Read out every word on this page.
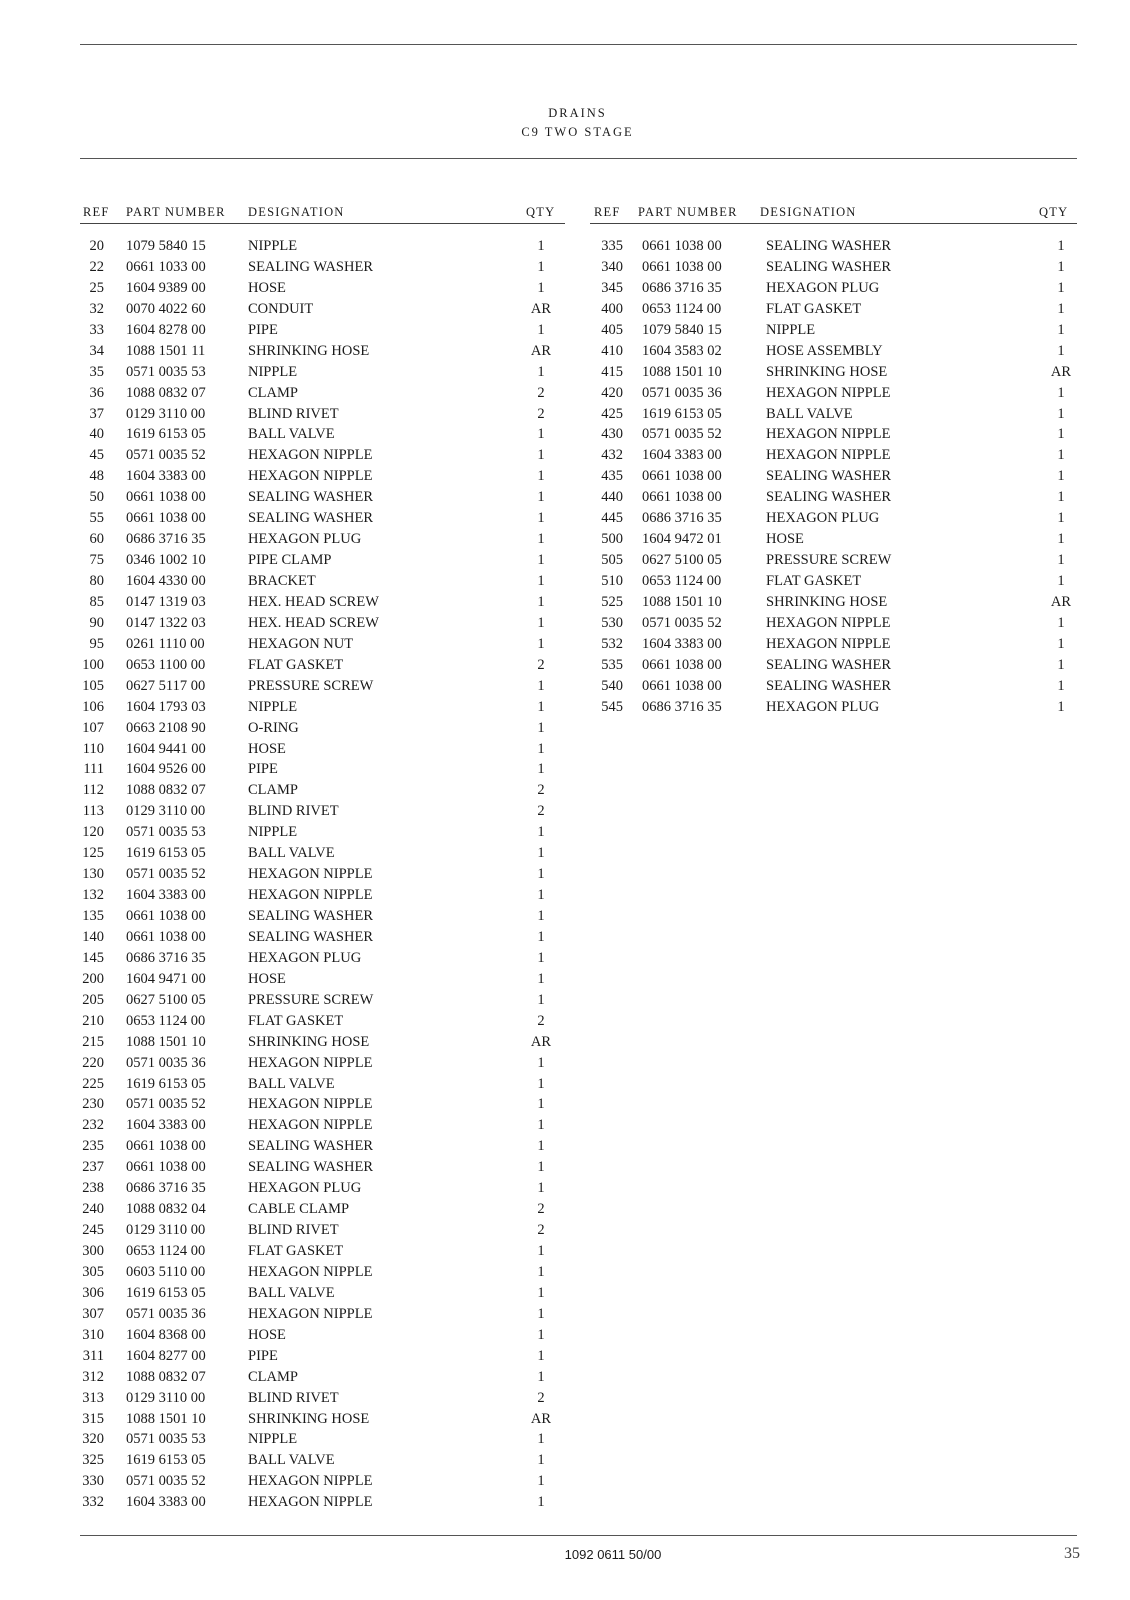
DRAINS
C9 TWO STAGE
REF PART NUMBER DESIGNATION	QTY
20 1079 5840 15	NIPPLE	1
22 0661 1033 00	SEALING WASHER	1
25 1604 9389 00	HOSE	1
32 0070 4022 60	CONDUIT	AR
33 1604 8278 00	PIPE	1
34 1088 1501 11	SHRINKING HOSE	AR
35 0571 0035 53	NIPPLE	1
36 1088 0832 07	CLAMP	2
37 0129 3110 00	BLIND RIVET	2
40 1619 6153 05	BALL VALVE	1
45 0571 0035 52	HEXAGON NIPPLE	1
48 1604 3383 00	HEXAGON NIPPLE	1
50 0661 1038 00	SEALING WASHER	1
55 0661 1038 00	SEALING WASHER	1
60 0686 3716 35	HEXAGON PLUG	1
75 0346 1002 10	PIPE CLAMP	1
80 1604 4330 00	BRACKET	1
85 0147 1319 03	HEX. HEAD SCREW	1
90 0147 1322 03	HEX. HEAD SCREW	1
95 0261 1110 00	HEXAGON NUT	1
100 0653 1100 00	FLAT GASKET	2
105 0627 5117 00	PRESSURE SCREW	1
106 1604 1793 03	NIPPLE	1
107 0663 2108 90	O-RING	1
110 1604 9441 00	HOSE	1
111 1604 9526 00	PIPE	1
112 1088 0832 07	CLAMP	2
113 0129 3110 00	BLIND RIVET	2
120 0571 0035 53	NIPPLE	1
125 1619 6153 05	BALL VALVE	1
130 0571 0035 52	HEXAGON NIPPLE	1
132 1604 3383 00	HEXAGON NIPPLE	1
135 0661 1038 00	SEALING WASHER	1
140 0661 1038 00	SEALING WASHER	1
145 0686 3716 35	HEXAGON PLUG	1
200 1604 9471 00	HOSE	1
205 0627 5100 05	PRESSURE SCREW	1
210 0653 1124 00	FLAT GASKET	2
215 1088 1501 10	SHRINKING HOSE	AR
220 0571 0035 36	HEXAGON NIPPLE	1
225 1619 6153 05	BALL VALVE	1
230 0571 0035 52	HEXAGON NIPPLE	1
232 1604 3383 00	HEXAGON NIPPLE	1
235 0661 1038 00	SEALING WASHER	1
237 0661 1038 00	SEALING WASHER	1
238 0686 3716 35	HEXAGON PLUG	1
240 1088 0832 04	CABLE CLAMP	2
245 0129 3110 00	BLIND RIVET	2
300 0653 1124 00	FLAT GASKET	1
305 0603 5110 00	HEXAGON NIPPLE	1
306 1619 6153 05	BALL VALVE	1
307 0571 0035 36	HEXAGON NIPPLE	1
310 1604 8368 00	HOSE	1
311 1604 8277 00	PIPE	1
312 1088 0832 07	CLAMP	1
313 0129 3110 00	BLIND RIVET	2
315 1088 1501 10	SHRINKING HOSE	AR
320 0571 0035 53	NIPPLE	1
325 1619 6153 05	BALL VALVE	1
330 0571 0035 52	HEXAGON NIPPLE	1
332 1604 3383 00	HEXAGON NIPPLE	1
REF PART NUMBER DESIGNATION	QTY
335 0661 1038 00	SEALING WASHER	1
340 0661 1038 00	SEALING WASHER	1
345 0686 3716 35	HEXAGON PLUG	1
400 0653 1124 00	FLAT GASKET	1
405 1079 5840 15	NIPPLE	1
410 1604 3583 02	HOSE ASSEMBLY	1
415 1088 1501 10	SHRINKING HOSE	AR
420 0571 0035 36	HEXAGON NIPPLE	1
425 1619 6153 05	BALL VALVE	1
430 0571 0035 52	HEXAGON NIPPLE	1
432 1604 3383 00	HEXAGON NIPPLE	1
435 0661 1038 00	SEALING WASHER	1
440 0661 1038 00	SEALING WASHER	1
445 0686 3716 35	HEXAGON PLUG	1
500 1604 9472 01	HOSE	1
505 0627 5100 05	PRESSURE SCREW	1
510 0653 1124 00	FLAT GASKET	1
525 1088 1501 10	SHRINKING HOSE	AR
530 0571 0035 52	HEXAGON NIPPLE	1
532 1604 3383 00	HEXAGON NIPPLE	1
535 0661 1038 00	SEALING WASHER	1
540 0661 1038 00	SEALING WASHER	1
545 0686 3716 35	HEXAGON PLUG	1
1092 0611 50/00	35
